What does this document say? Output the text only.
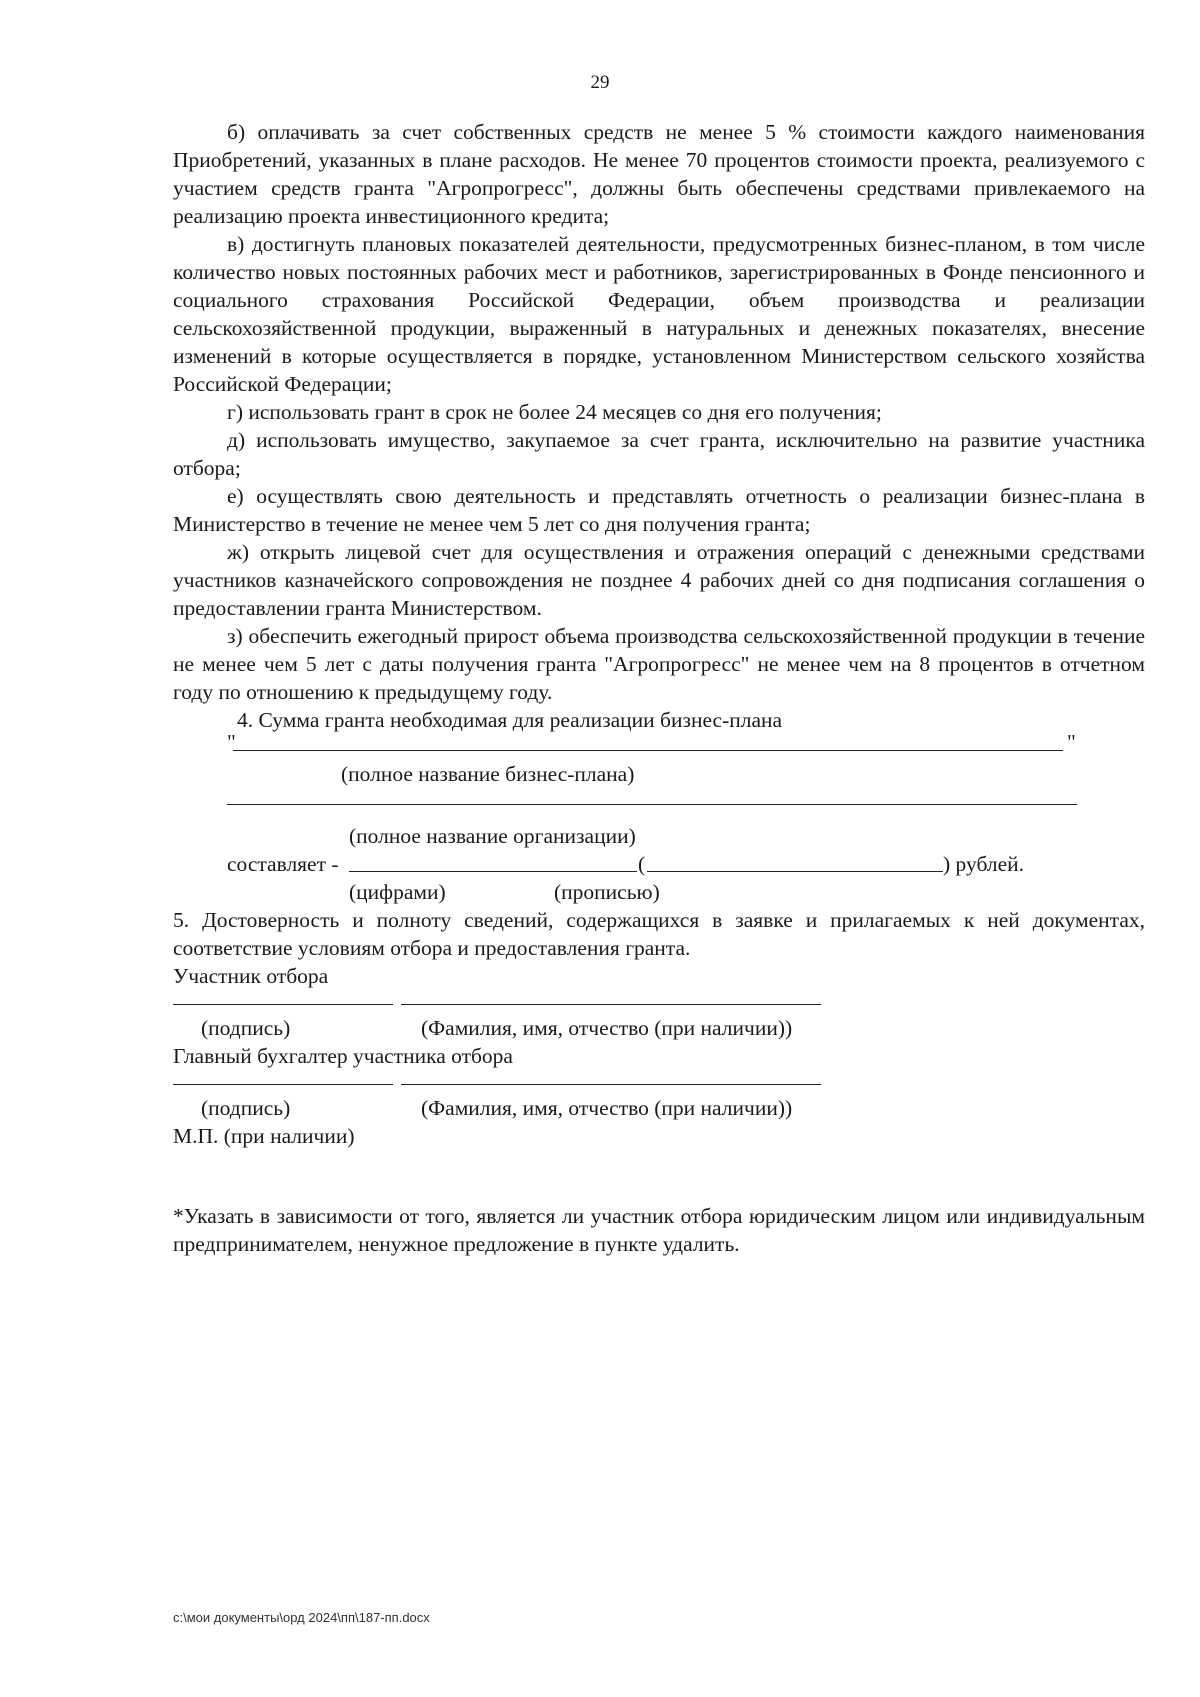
29

б) оплачивать за счет собственных средств не менее 5 % стоимости каждого наименования Приобретений, указанных в плане расходов. Не менее 70 процентов стоимости проекта, реализуемого с участием средств гранта "Агропрогресс", должны быть обеспечены средствами привлекаемого на реализацию проекта инвестиционного кредита;

в) достигнуть плановых показателей деятельности, предусмотренных бизнес-планом, в том числе количество новых постоянных рабочих мест и работников, зарегистрированных в Фонде пенсионного и социального страхования Российской Федерации, объем производства и реализации сельскохозяйственной продукции, выраженный в натуральных и денежных показателях, внесение изменений в которые осуществляется в порядке, установленном Министерством сельского хозяйства Российской Федерации;

г) использовать грант в срок не более 24 месяцев со дня его получения;

д) использовать имущество, закупаемое за счет гранта, исключительно на развитие участника отбора;

е) осуществлять свою деятельность и представлять отчетность о реализации бизнес-плана в Министерство в течение не менее чем 5 лет со дня получения гранта;

ж) открыть лицевой счет для осуществления и отражения операций с денежными средствами участников казначейского сопровождения не позднее 4 рабочих дней со дня подписания соглашения о предоставлении гранта Министерством.

з) обеспечить ежегодный прирост объема производства сельскохозяйственной продукции в течение не менее чем 5 лет с даты получения гранта "Агропрогресс" не менее чем на 8 процентов в отчетном году по отношению к предыдущему году.

4. Сумма гранта необходимая для реализации бизнес-плана
"	"
(полное название бизнес-плана)
(полное название организации)
составляет -	(	) рублей.
(цифрами)	(прописью)

5. Достоверность и полноту сведений, содержащихся в заявке и прилагаемых к ней документах, соответствие условиям отбора и предоставления гранта.

Участник отбора
(подпись)	(Фамилия, имя, отчество (при наличии))
Главный бухгалтер участника отбора
(подпись)	(Фамилия, имя, отчество (при наличии))
М.П. (при наличии)

*Указать в зависимости от того, является ли участник отбора юридическим лицом или индивидуальным предпринимателем, ненужное предложение в пункте удалить.

c:\мои документы\орд 2024\пп\187-пп.docx
